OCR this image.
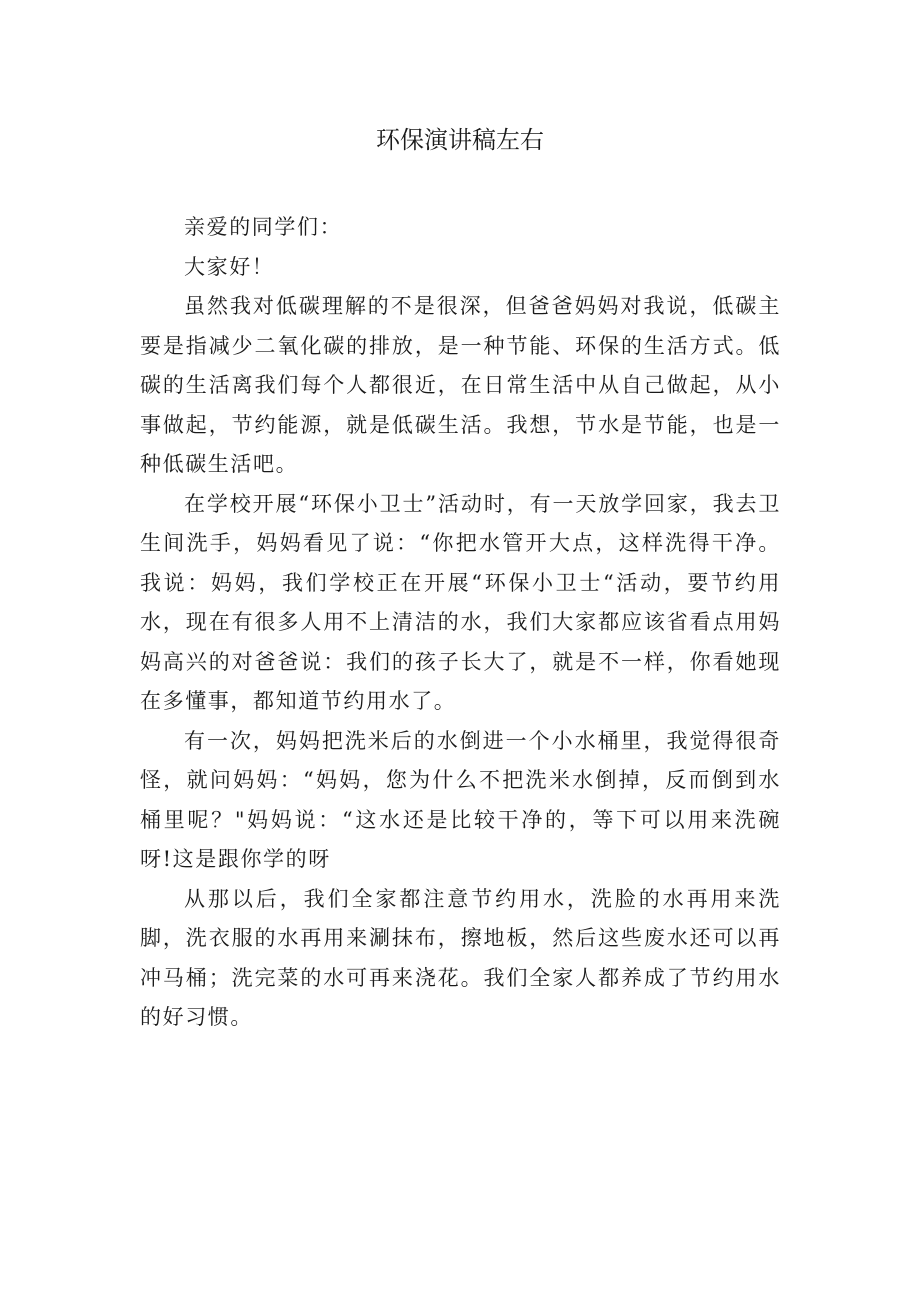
环保演讲稿左右

亲爱的同学们：

大家好！

虽然我对低碳理解的不是很深，但爸爸妈妈对我说，低碳主要是指减少二氧化碳的排放，是一种节能、环保的生活方式。低碳的生活离我们每个人都很近，在日常生活中从自己做起，从小事做起，节约能源，就是低碳生活。我想，节水是节能，也是一种低碳生活吧。

在学校开展“环保小卫士”活动时，有一天放学回家，我去卫生间洗手，妈妈看见了说：“你把水管开大点，这样洗得干净。我说：妈妈，我们学校正在开展“环保小卫士“活动，要节约用水，现在有很多人用不上清洁的水，我们大家都应该省看点用妈妈高兴的对爸爸说：我们的孩子长大了，就是不一样，你看她现在多懂事，都知道节约用水了。

有一次，妈妈把洗米后的水倒进一个小水桶里，我觉得很奇怪，就问妈妈：“妈妈，您为什么不把洗米水倒掉，反而倒到水桶里呢？"妈妈说：“这水还是比较干净的，等下可以用来洗碗呀!这是跟你学的呀

从那以后，我们全家都注意节约用水，洗脸的水再用来洗脚，洗衣服的水再用来涮抹布，擦地板，然后这些废水还可以再冲马桶；洗完菜的水可再来浇花。我们全家人都养成了节约用水的好习惯。
